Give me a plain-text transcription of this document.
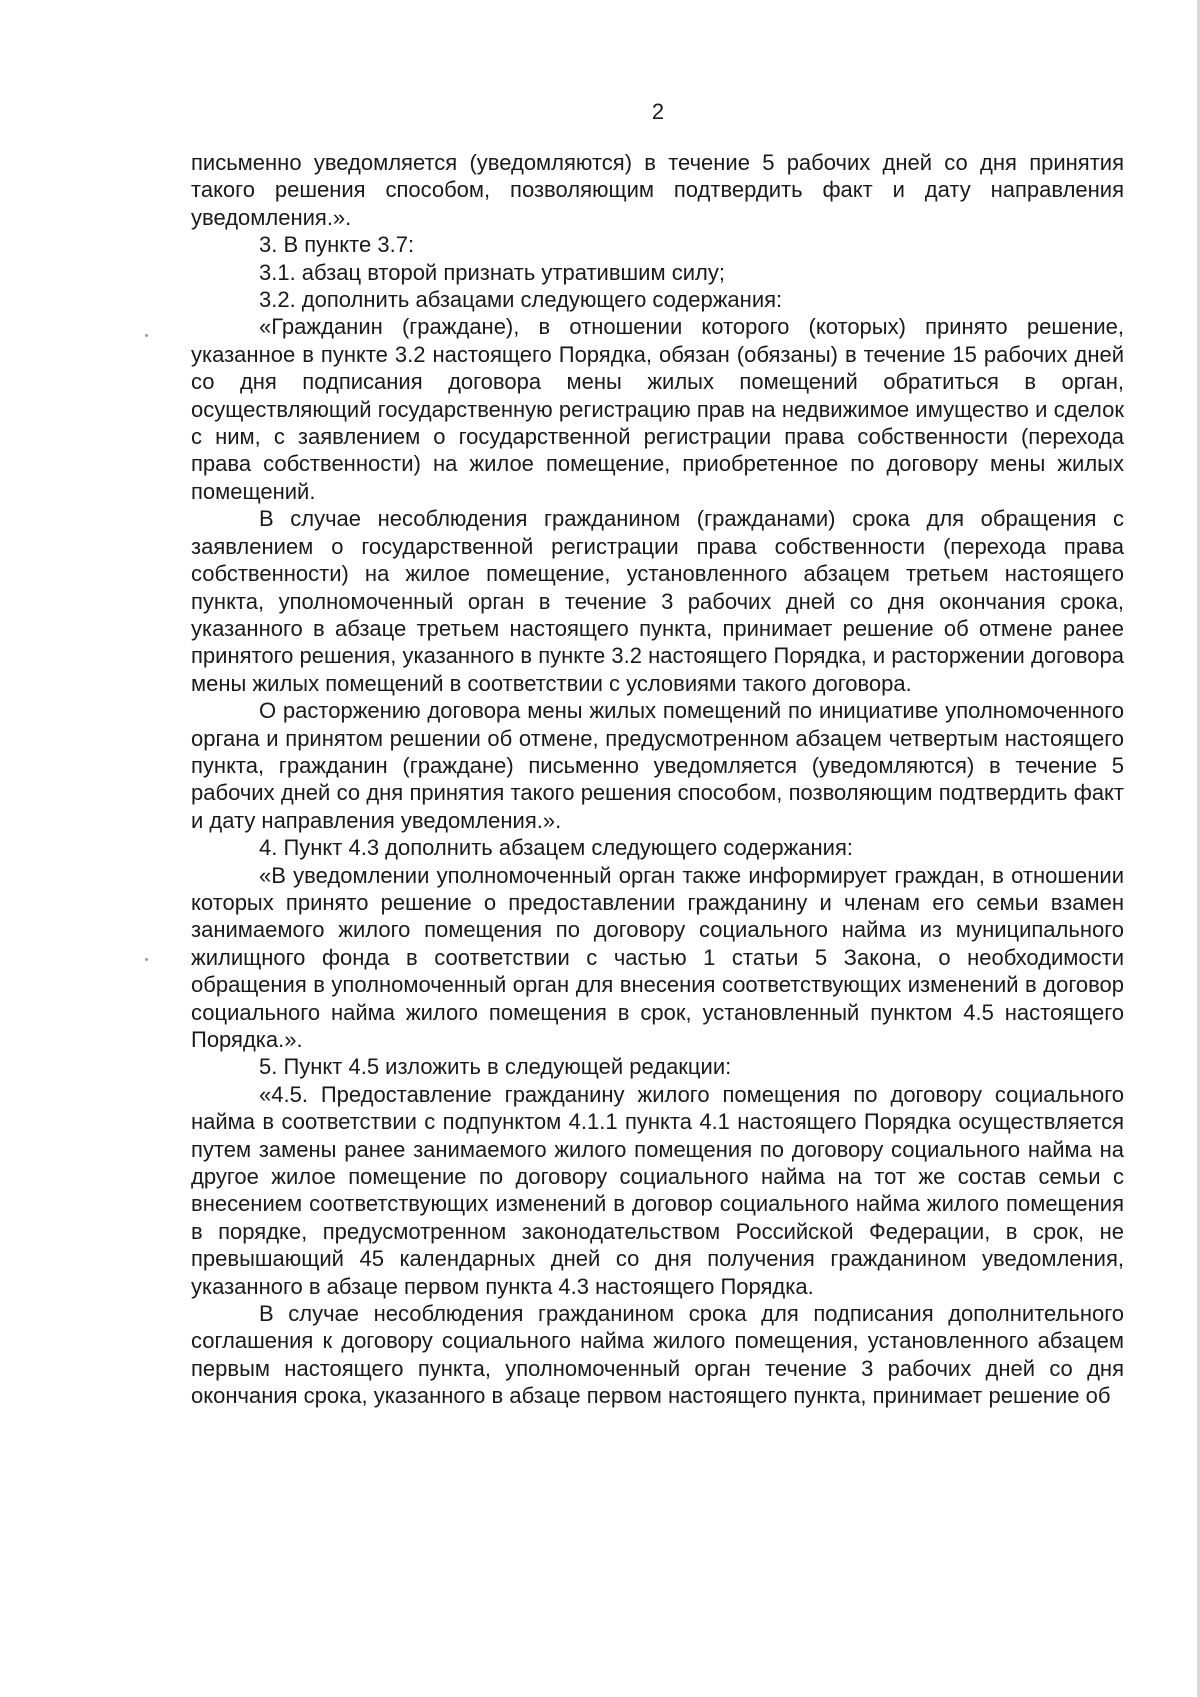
2

письменно уведомляется (уведомляются) в течение 5 рабочих дней со дня принятия такого решения способом, позволяющим подтвердить факт и дату направления уведомления.».

3. В пункте 3.7:

3.1. абзац второй признать утратившим силу;

3.2. дополнить абзацами следующего содержания:

«Гражданин (граждане), в отношении которого (которых) принято решение, указанное в пункте 3.2 настоящего Порядка, обязан (обязаны) в течение 15 рабочих дней со дня подписания договора мены жилых помещений обратиться в орган, осуществляющий государственную регистрацию прав на недвижимое имущество и сделок с ним, с заявлением о государственной регистрации права собственности (перехода права собственности) на жилое помещение, приобретенное по договору мены жилых помещений.

В случае несоблюдения гражданином (гражданами) срока для обращения с заявлением о государственной регистрации права собственности (перехода права собственности) на жилое помещение, установленного абзацем третьем настоящего пункта, уполномоченный орган в течение 3 рабочих дней со дня окончания срока, указанного в абзаце третьем настоящего пункта, принимает решение об отмене ранее принятого решения, указанного в пункте 3.2 настоящего Порядка, и расторжении договора мены жилых помещений в соответствии с условиями такого договора.

О расторжению договора мены жилых помещений по инициативе уполномоченного органа и принятом решении об отмене, предусмотренном абзацем четвертым настоящего пункта, гражданин (граждане) письменно уведомляется (уведомляются) в течение 5 рабочих дней со дня принятия такого решения способом, позволяющим подтвердить факт и дату направления уведомления.».

4. Пункт 4.3 дополнить абзацем следующего содержания:

«В уведомлении уполномоченный орган также информирует граждан, в отношении которых принято решение о предоставлении гражданину и членам его семьи взамен занимаемого жилого помещения по договору социального найма из муниципального жилищного фонда в соответствии с частью 1 статьи 5 Закона, о необходимости обращения в уполномоченный орган для внесения соответствующих изменений в договор социального найма жилого помещения в срок, установленный пунктом 4.5 настоящего Порядка.».

5. Пункт 4.5 изложить в следующей редакции:

«4.5. Предоставление гражданину жилого помещения по договору социального найма в соответствии с подпунктом 4.1.1 пункта 4.1 настоящего Порядка осуществляется путем замены ранее занимаемого жилого помещения по договору социального найма на другое жилое помещение по договору социального найма на тот же состав семьи с внесением соответствующих изменений в договор социального найма жилого помещения в порядке, предусмотренном законодательством Российской Федерации, в срок, не превышающий 45 календарных дней со дня получения гражданином уведомления, указанного в абзаце первом пункта 4.3 настоящего Порядка.

В случае несоблюдения гражданином срока для подписания дополнительного соглашения к договору социального найма жилого помещения, установленного абзацем первым настоящего пункта, уполномоченный орган течение 3 рабочих дней со дня окончания срока, указанного в абзаце первом настоящего пункта, принимает решение об
